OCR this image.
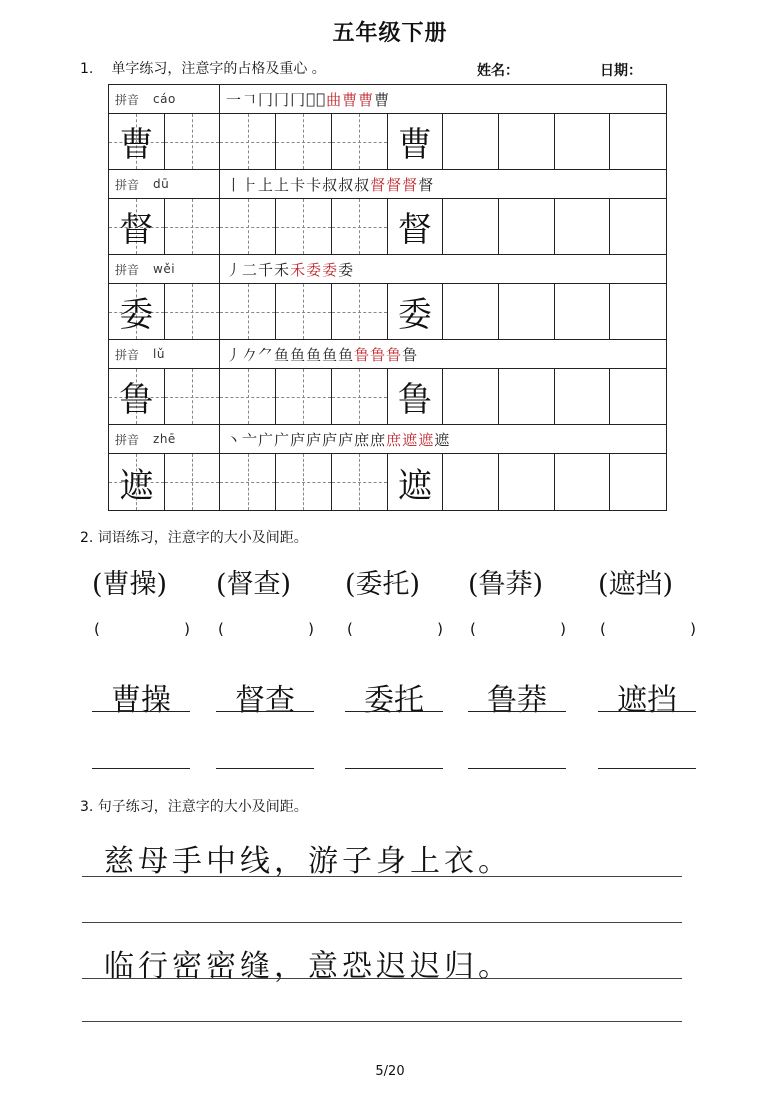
五年级下册
1. 单字练习，注意字的占格及重心 。	姓名：	日期：
拼音 cáo	一 𠃍 冂 冂 冂 𫝀 𫝀 曲 曹 曹 曹
曹	曹
拼音 dū	丨 ⺊ 上 上 卡 卡 叔 叔 叔 督 督 督 督
督	督
拼音 wěi	丿 二 千 禾 禾 委 委 委
委	委
拼音 lǔ	丿 𠂊 ⺈ 鱼 鱼 鱼 鱼 鱼 鲁 鲁 鲁 鲁
鲁	鲁
拼音 zhē	丶 亠 广 广 庐 庐 庐 庐 庶 庶 庶 遮 遮 遮
遮	遮
2. 词语练习，注意字的大小及间距。
(曹操)
(	)
曹操
(督查)
(	)
督查
(委托)
(	)
委托
(鲁莽)
(	)
鲁莽
(遮挡)
(	)
遮挡
3. 句子练习，注意字的大小及间距。
慈母手中线，游子身上衣。
临行密密缝，意恐迟迟归。
5/20
